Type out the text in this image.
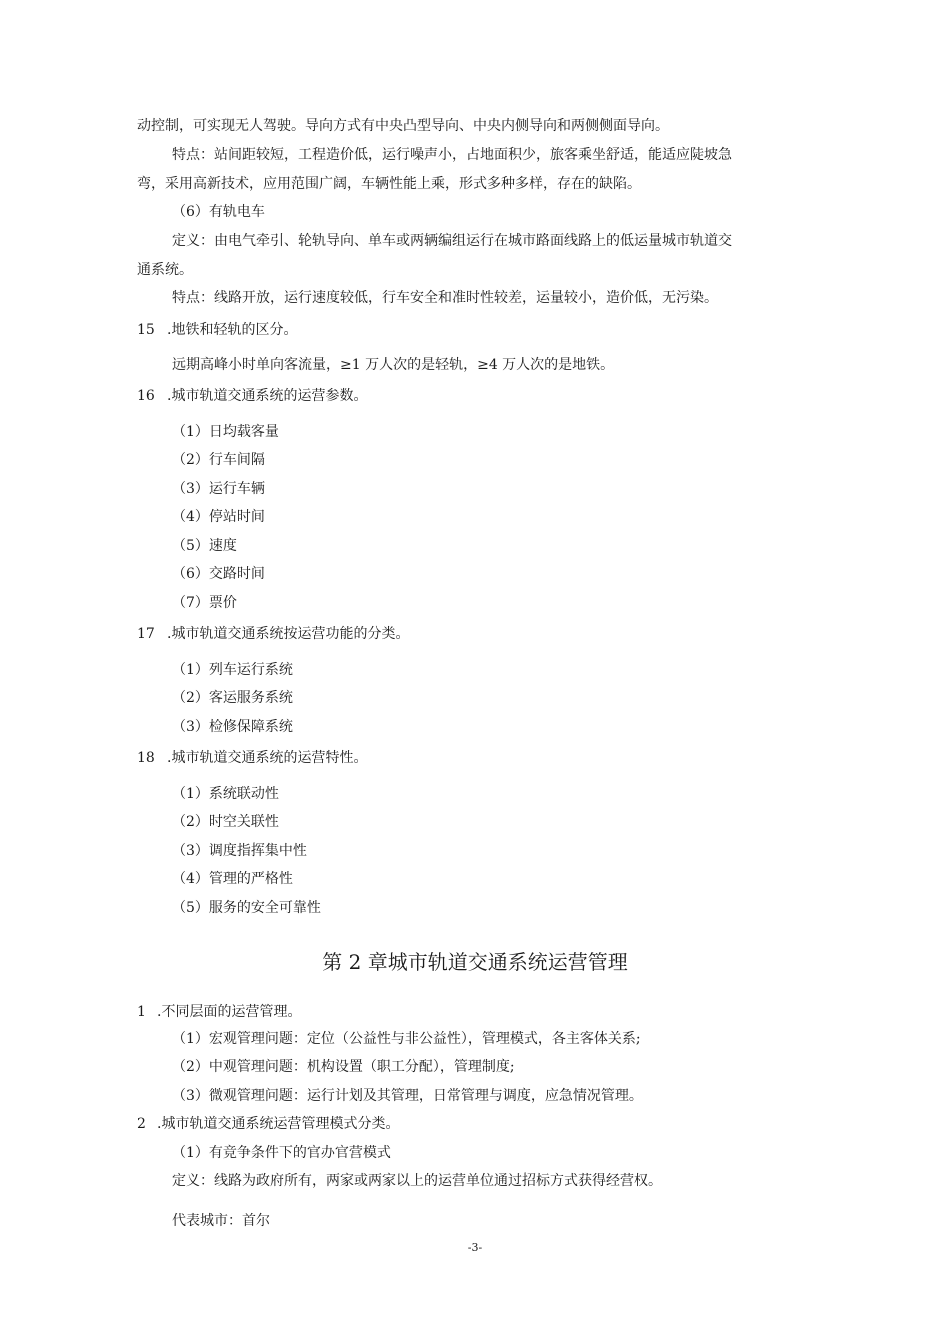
动控制，可实现无人驾驶。导向方式有中央凸型导向、中央内侧导向和两侧侧面导向。
特点：站间距较短，工程造价低，运行噪声小，占地面积少，旅客乘坐舒适，能适应陡坡急
弯，采用高新技术，应用范围广阔，车辆性能上乘，形式多种多样，存在的缺陷。
（6）有轨电车
定义：由电气牵引、轮轨导向、单车或两辆编组运行在城市路面线路上的低运量城市轨道交
通系统。
特点：线路开放，运行速度较低，行车安全和准时性较差，运量较小，造价低，无污染。
15 .地铁和轻轨的区分。
远期高峰小时单向客流量，≥1 万人次的是轻轨，≥4 万人次的是地铁。
16 .城市轨道交通系统的运营参数。
（1）日均载客量
（2）行车间隔
（3）运行车辆
（4）停站时间
（5）速度
（6）交路时间
（7）票价
17 .城市轨道交通系统按运营功能的分类。
（1）列车运行系统
（2）客运服务系统
（3）检修保障系统
18 .城市轨道交通系统的运营特性。
（1）系统联动性
（2）时空关联性
（3）调度指挥集中性
（4）管理的严格性
（5）服务的安全可靠性
第 2 章城市轨道交通系统运营管理
1 .不同层面的运营管理。
（1）宏观管理问题：定位（公益性与非公益性），管理模式，各主客体关系;
（2）中观管理问题：机构设置（职工分配），管理制度;
（3）微观管理问题：运行计划及其管理，日常管理与调度，应急情况管理。
2 .城市轨道交通系统运营管理模式分类。
（1）有竞争条件下的官办官营模式
定义：线路为政府所有，两家或两家以上的运营单位通过招标方式获得经营权。
代表城市：首尔
-3-
